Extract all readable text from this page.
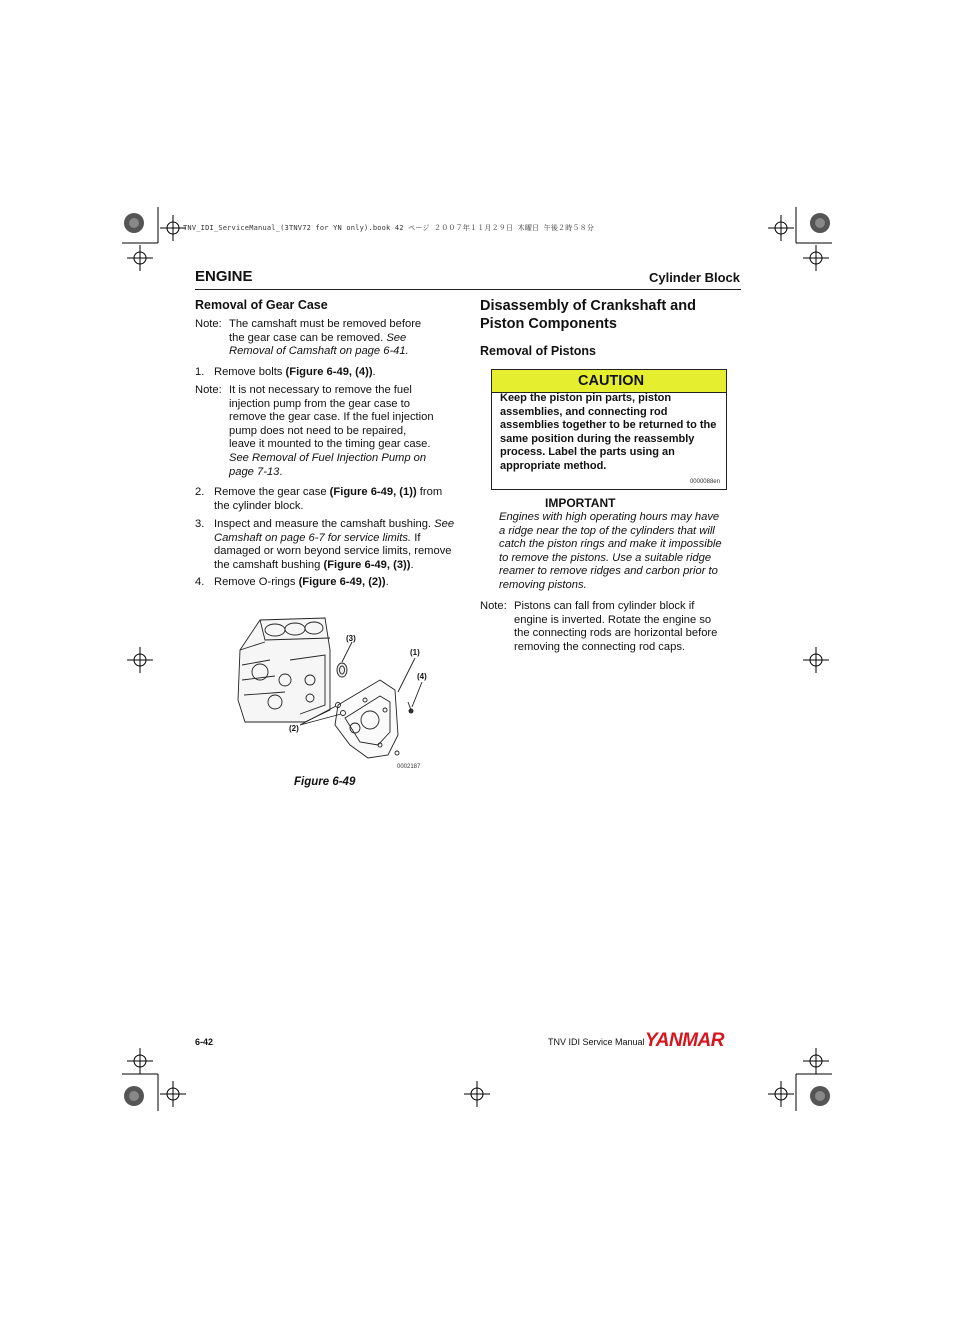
TNV_IDI_ServiceManual_(3TNV72 for YN only).book 42 ページ ２００７年１１月２９日 木曜日 午後２時５８分
ENGINE	Cylinder Block
Removal of Gear Case
Note: The camshaft must be removed before the gear case can be removed. See Removal of Camshaft on page 6-41.
1. Remove bolts (Figure 6-49, (4)).
Note: It is not necessary to remove the fuel injection pump from the gear case to remove the gear case. If the fuel injection pump does not need to be repaired, leave it mounted to the timing gear case. See Removal of Fuel Injection Pump on page 7-13.
2. Remove the gear case (Figure 6-49, (1)) from the cylinder block.
3. Inspect and measure the camshaft bushing. See Camshaft on page 6-7 for service limits. If damaged or worn beyond service limits, remove the camshaft bushing (Figure 6-49, (3)).
4. Remove O-rings (Figure 6-49, (2)).
(3)
(1)
(4)
(2)
0002187
Figure 6-49
Disassembly of Crankshaft and Piston Components
Removal of Pistons
CAUTION
Keep the piston pin parts, piston assemblies, and connecting rod assemblies together to be returned to the same position during the reassembly process. Label the parts using an appropriate method.
0000088en
IMPORTANT
Engines with high operating hours may have a ridge near the top of the cylinders that will catch the piston rings and make it impossible to remove the pistons. Use a suitable ridge reamer to remove ridges and carbon prior to removing pistons.
Note: Pistons can fall from cylinder block if engine is inverted. Rotate the engine so the connecting rods are horizontal before removing the connecting rod caps.
6-42	TNV IDI Service Manual YANMAR
